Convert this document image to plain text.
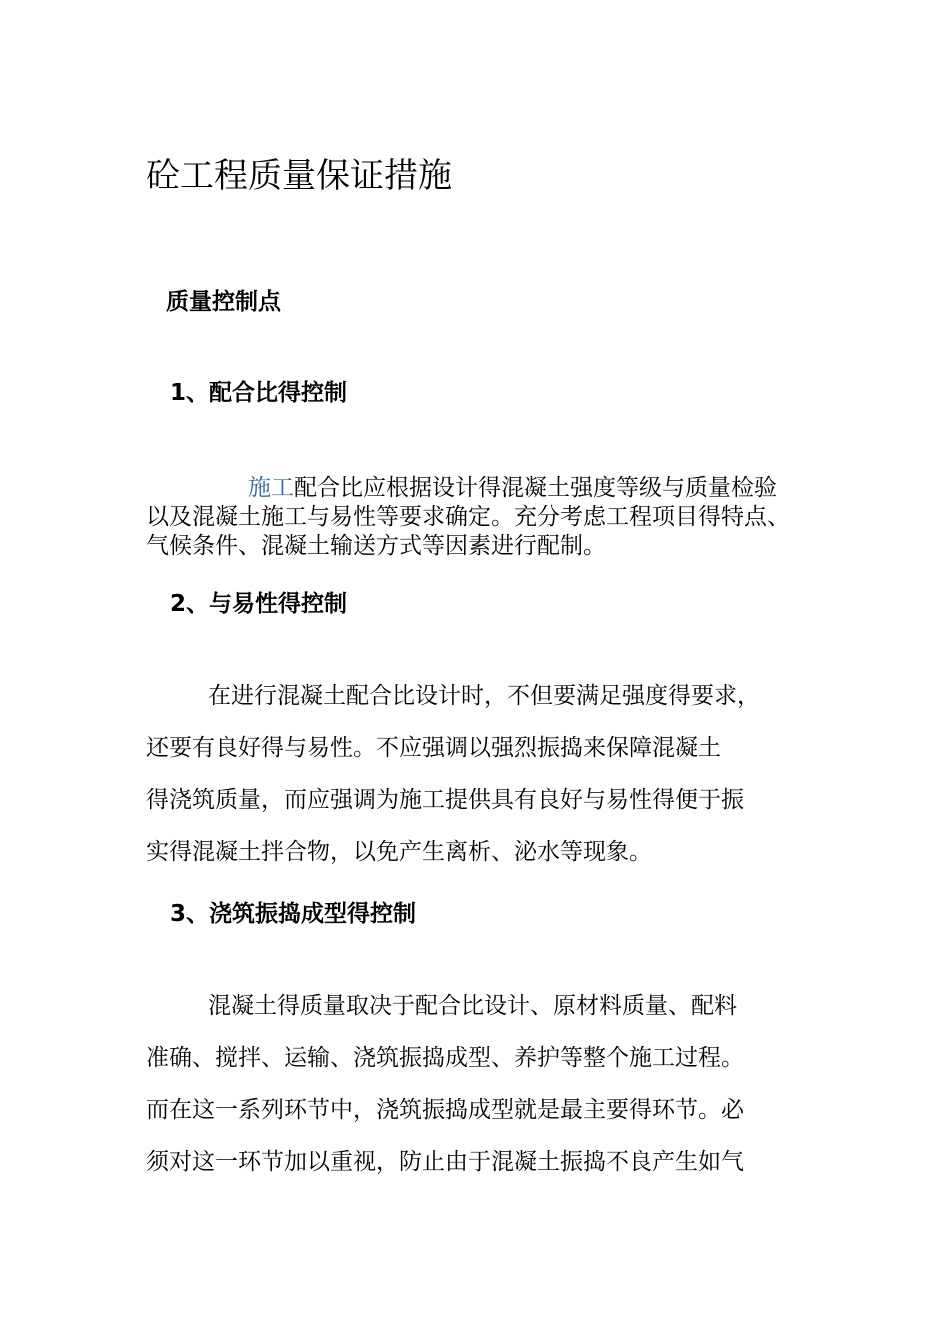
砼工程质量保证措施
质量控制点
1、配合比得控制
施工配合比应根据设计得混凝土强度等级与质量检验
以及混凝土施工与易性等要求确定。充分考虑工程项目得特点、
气候条件、混凝土输送方式等因素进行配制。
2、与易性得控制
在进行混凝土配合比设计时，不但要满足强度得要求，
还要有良好得与易性。不应强调以强烈振捣来保障混凝土
得浇筑质量，而应强调为施工提供具有良好与易性得便于振
实得混凝土拌合物，以免产生离析、泌水等现象。
3、浇筑振捣成型得控制
混凝土得质量取决于配合比设计、原材料质量、配料
准确、搅拌、运输、浇筑振捣成型、养护等整个施工过程。
而在这一系列环节中，浇筑振捣成型就是最主要得环节。必
须对这一环节加以重视，防止由于混凝土振捣不良产生如气
